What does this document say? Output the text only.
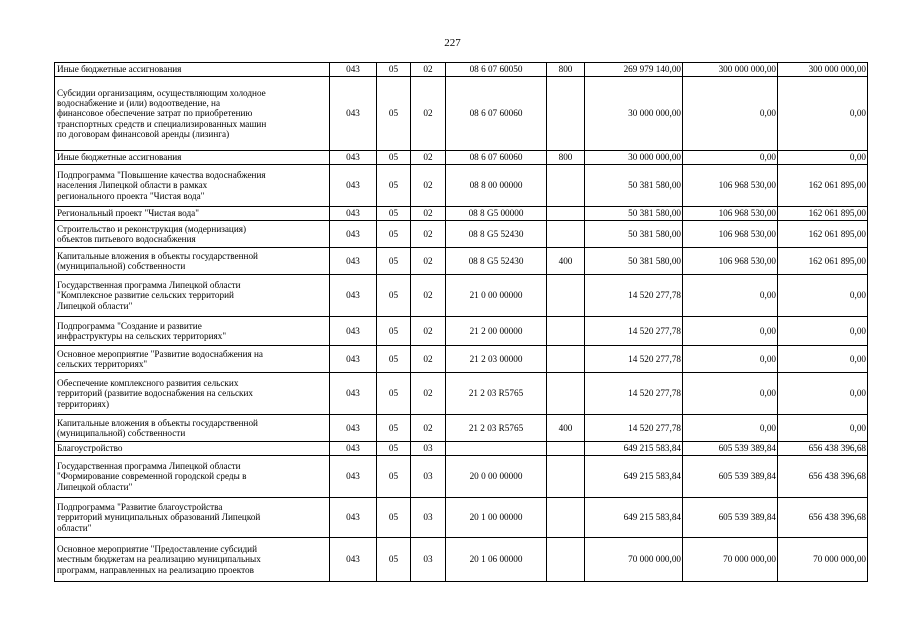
227
Иные бюджетные ассигнования	043	05	02	08 6 07 60050	800	269 979 140,00	300 000 000,00	300 000 000,00

Субсидии организациям, осуществляющим холодное
водоснабжение и (или) водоотведение, на
финансовое обеспечение затрат по приобретению
транспортных средств и специализированных машин
по договорам финансовой аренды (лизинга)	043	05	02	08 6 07 60060		30 000 000,00	0,00	0,00
Иные бюджетные ассигнования	043	05	02	08 6 07 60060	800	30 000 000,00	0,00	0,00

Подпрограмма "Повышение качества водоснабжения
населения Липецкой области в рамках
регионального проекта "Чистая вода"	043	05	02	08 8 00 00000		50 381 580,00	106 968 530,00	162 061 895,00
Региональный проект "Чистая вода"	043	05	02	08 8 G5 00000		50 381 580,00	106 968 530,00	162 061 895,00

Строительство и реконструкция (модернизация)
объектов питьевого водоснабжения	043	05	02	08 8 G5 52430		50 381 580,00	106 968 530,00	162 061 895,00

Капитальные вложения в объекты государственной
(муниципальной) собственности	043	05	02	08 8 G5 52430	400	50 381 580,00	106 968 530,00	162 061 895,00

Государственная программа Липецкой области
"Комплексное развитие сельских территорий
Липецкой области"	043	05	02	21 0 00 00000		14 520 277,78	0,00	0,00

Подпрограмма "Создание и развитие
инфраструктуры на сельских территориях"	043	05	02	21 2 00 00000		14 520 277,78	0,00	0,00

Основное мероприятие "Развитие водоснабжения на
сельских территориях"	043	05	02	21 2 03 00000		14 520 277,78	0,00	0,00

Обеспечение комплексного развития сельских
территорий (развитие водоснабжения на сельских
территориях)	043	05	02	21 2 03 R5765		14 520 277,78	0,00	0,00

Капитальные вложения в объекты государственной
(муниципальной) собственности	043	05	02	21 2 03 R5765	400	14 520 277,78	0,00	0,00
Благоустройство	043	05	03			649 215 583,84	605 539 389,84	656 438 396,68

Государственная программа Липецкой области
"Формирование современной городской среды в
Липецкой области"	043	05	03	20 0 00 00000		649 215 583,84	605 539 389,84	656 438 396,68

Подпрограмма "Развитие благоустройства
территорий муниципальных образований Липецкой
области"	043	05	03	20 1 00 00000		649 215 583,84	605 539 389,84	656 438 396,68

Основное мероприятие "Предоставление субсидий
местным бюджетам на реализацию муниципальных
программ, направленных на реализацию проектов	043	05	03	20 1 06 00000		70 000 000,00	70 000 000,00	70 000 000,00
